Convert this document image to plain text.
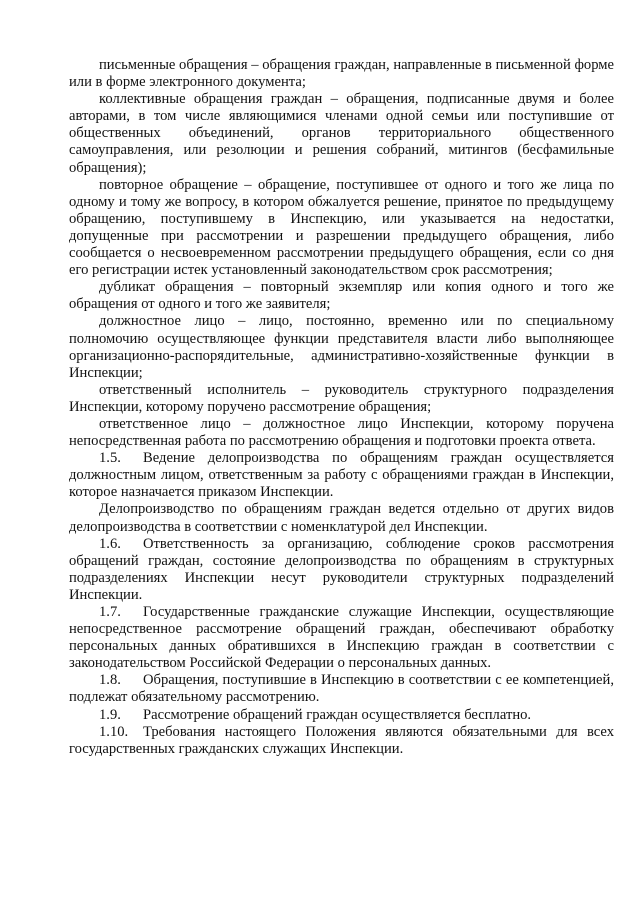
письменные обращения – обращения граждан, направленные в письменной форме или в форме электронного документа;

коллективные обращения граждан – обращения, подписанные двумя и более авторами, в том числе являющимися членами одной семьи или поступившие от общественных объединений, органов территориального общественного самоуправления, или резолюции и решения собраний, митингов (бесфамильные обращения);

повторное обращение – обращение, поступившее от одного и того же лица по одному и тому же вопросу, в котором обжалуется решение, принятое по предыдущему обращению, поступившему в Инспекцию, или указывается на недостатки, допущенные при рассмотрении и разрешении предыдущего обращения, либо сообщается о несвоевременном рассмотрении предыдущего обращения, если со дня его регистрации истек установленный законодательством срок рассмотрения;

дубликат обращения – повторный экземпляр или копия одного и того же обращения от одного и того же заявителя;

должностное лицо – лицо, постоянно, временно или по специальному полномочию осуществляющее функции представителя власти либо выполняющее организационно-распорядительные, административно-хозяйственные функции в Инспекции;

ответственный исполнитель – руководитель структурного подразделения Инспекции, которому поручено рассмотрение обращения;

ответственное лицо – должностное лицо Инспекции, которому поручена непосредственная работа по рассмотрению обращения и подготовки проекта ответа.

1.5. Ведение делопроизводства по обращениям граждан осуществляется должностным лицом, ответственным за работу с обращениями граждан в Инспекции, которое назначается приказом Инспекции.

Делопроизводство по обращениям граждан ведется отдельно от других видов делопроизводства в соответствии с номенклатурой дел Инспекции.

1.6. Ответственность за организацию, соблюдение сроков рассмотрения обращений граждан, состояние делопроизводства по обращениям в структурных подразделениях Инспекции несут руководители структурных подразделений Инспекции.

1.7. Государственные гражданские служащие Инспекции, осуществляющие непосредственное рассмотрение обращений граждан, обеспечивают обработку персональных данных обратившихся в Инспекцию граждан в соответствии с законодательством Российской Федерации о персональных данных.

1.8. Обращения, поступившие в Инспекцию в соответствии с ее компетенцией, подлежат обязательному рассмотрению.

1.9. Рассмотрение обращений граждан осуществляется бесплатно.

1.10. Требования настоящего Положения являются обязательными для всех государственных гражданских служащих Инспекции.
